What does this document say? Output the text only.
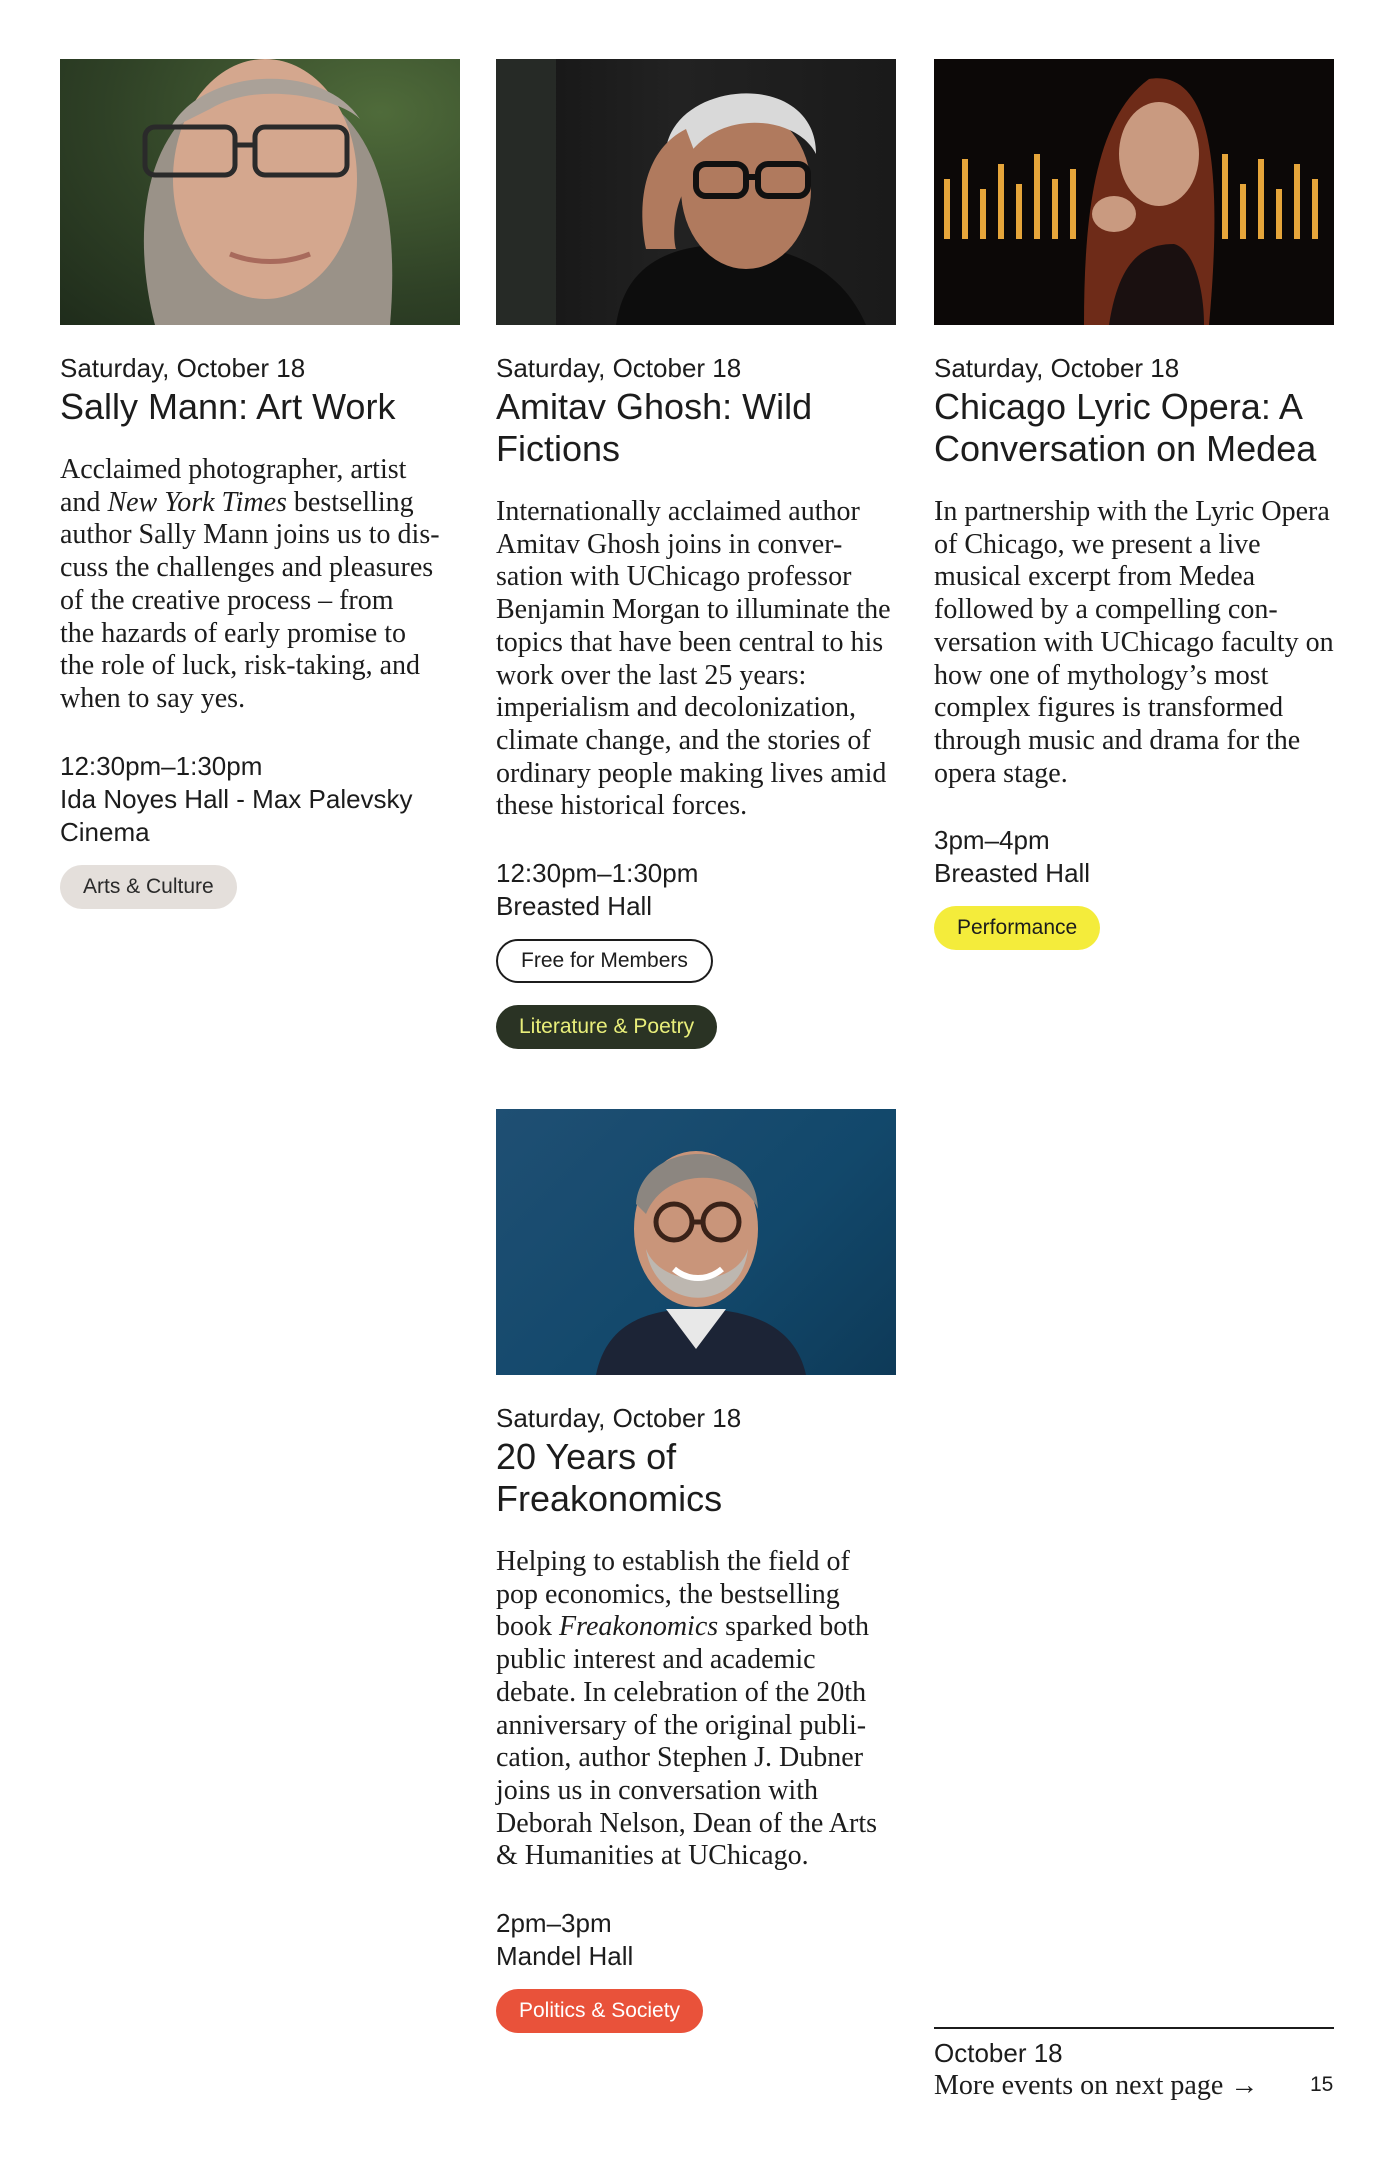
Saturday, October 18
Sally Mann: Art Work
Acclaimed photographer, artist
and New York Times bestselling
author Sally Mann joins us to dis-
cuss the challenges and pleasures
of the creative process – from
the hazards of early promise to
the role of luck, risk-taking, and
when to say yes.
12:30pm–1:30pm
Ida Noyes Hall - Max Palevsky Cinema
Arts & Culture
Saturday, October 18
Amitav Ghosh: Wild Fictions
Internationally acclaimed author Amitav Ghosh joins in conver-sation with UChicago professor Benjamin Morgan to illuminate the topics that have been central to his work over the last 25 years: imperialism and decolonization, climate change, and the stories of ordinary people making lives amid these historical forces.
12:30pm–1:30pm
Breasted Hall
Free for Members
Literature & Poetry
Saturday, October 18
Chicago Lyric Opera: A Conversation on Medea
In partnership with the Lyric Opera of Chicago, we present a live musical excerpt from Medea followed by a compelling con-versation with UChicago faculty on how one of mythology’s most complex figures is transformed through music and drama for the opera stage.
3pm–4pm
Breasted Hall
Performance
Saturday, October 18
20 Years of Freakonomics
Helping to establish the field of pop economics, the bestselling book Freakonomics sparked both public interest and academic debate. In celebration of the 20th anniversary of the original publi-cation, author Stephen J. Dubner joins us in conversation with Deborah Nelson, Dean of the Arts & Humanities at UChicago.
2pm–3pm
Mandel Hall
Politics & Society
October 18
More events on next page →	15
